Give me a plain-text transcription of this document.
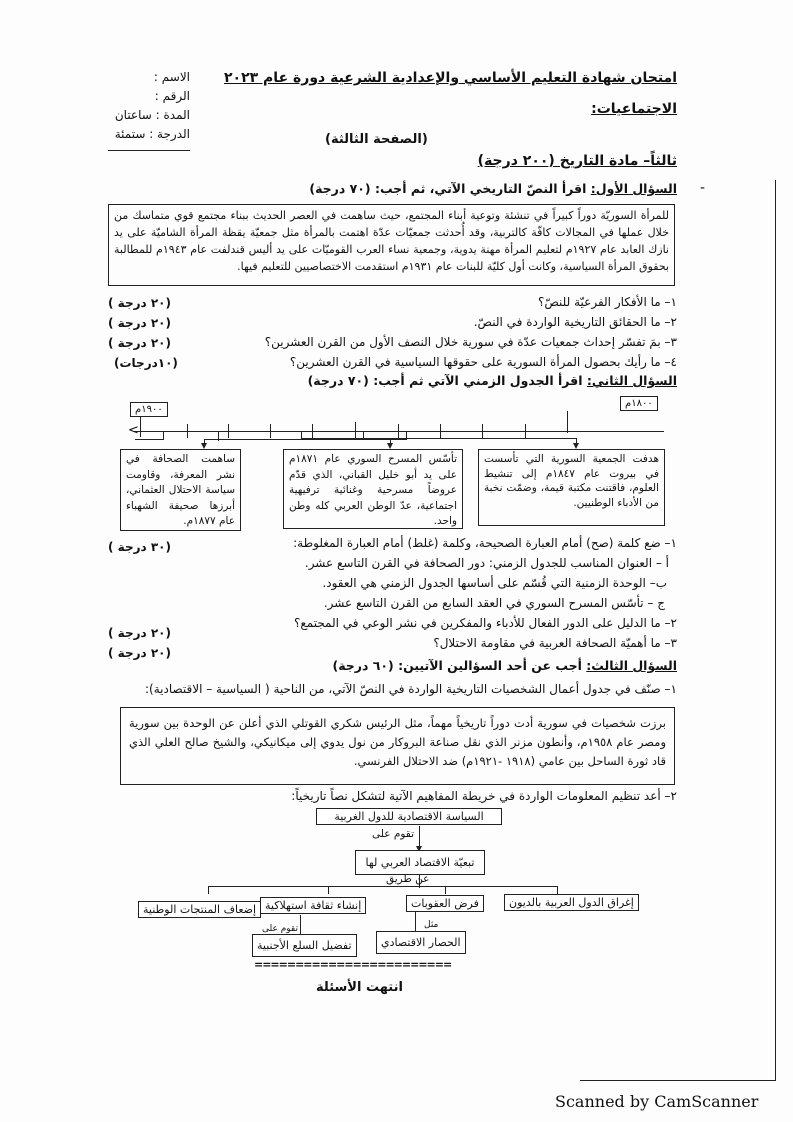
امتحان شهادة التعليم الأساسي والإعدادية الشرعية دورة عام ٢٠٢٣
الاسم :
الرقم :
المدة : ساعتان
الدرجة : ستمئة
الاجتماعيات:
(الصفحة الثالثة)
ثالثاً– مادة التاريخ (٢٠٠ درجة)
السؤال الأول: اقرأ النصّ التاريخي الآتي، ثم أجب: (٧٠ درجة)
للمرأة السوريّة دوراً كبيراً في تنشئة وتوعية أبناء المجتمع، حيث ساهمت في العصر الحديث ببناء مجتمع قوي متماسك من خلال عملها في المجالات كافّة كالتربية، وقد أُحدثت جمعيّات عدّة اهتمت بالمرأة مثل جمعيّة يقظة المرأة الشاميّة على يد نازك العابد عام ١٩٢٧م لتعليم المرأة مهنة يدوية، وجمعية نساء العرب القوميّات على يد أليس قندلفت عام ١٩٤٣م للمطالبة بحقوق المرأة السياسية، وكانت أول كليّة للبنات عام ١٩٣١م استقدمت الاختصاصيين للتعليم فيها.
١– ما الأفكار الفرعيّة للنصّ؟
٢– ما الحقائق التاريخية الواردة في النصّ.
٣– بمَ تفسّر إحداث جمعيات عدّة في سورية خلال النصف الأول من القرن العشرين؟
٤– ما رأيك بحصول المرأة السورية على حقوقها السياسية في القرن العشرين؟
(٢٠ درجة )
(٢٠ درجة )
(٢٠ درجة )
(١٠درجات)
السؤال الثاني: اقرأ الجدول الزمني الآتي ثم أجب: (٧٠ درجة)
<
١٩٠٠م
١٨٠٠م
ساهمت الصحافة في نشر المعرفة، وقاومت سياسة الاحتلال العثماني، أبرزها صحيفة الشهباء عام ١٨٧٧م.
تأسّس المسرح السوري عام ١٨٧١م على يد أبو خليل القباني، الذي قدّم عروضاً مسرحية وغنائية ترفيهية اجتماعية، عدّ الوطن العربي كله وطن واحد.
هدفت الجمعية السورية التي تأسست في بيروت عام ١٨٤٧م إلى تنشيط العلوم، فاقتنت مكتبة قيمة، وضمّت نخبة من الأدباء الوطنيين.
١– ضع كلمة (صح) أمام العبارة الصحيحة، وكلمة (غلط) أمام العبارة المغلوطة:
أ – العنوان المناسب للجدول الزمني: دور الصحافة في القرن التاسع عشر.
ب– الوحدة الزمنية التي قُسّم على أساسها الجدول الزمني هي العقود.
ج – تأسّس المسرح السوري في العقد السابع من القرن التاسع عشر.
٢– ما الدليل على الدور الفعال للأدباء والمفكرين في نشر الوعي في المجتمع؟
٣– ما أهميّة الصحافة العربية في مقاومة الاحتلال؟
(٣٠ درجة )
(٢٠ درجة )
(٢٠ درجة )
السؤال الثالث: أجب عن أحد السؤالين الآتيين: (٦٠ درجة)
١– صنّف في جدول أعمال الشخصيات التاريخية الواردة في النصّ الآتي، من الناحية ( السياسية – الاقتصادية):
برزت شخصيات في سورية أدت دوراً تاريخياً مهماً، مثل الرئيس شكري القوتلي الذي أعلن عن الوحدة بين سورية ومصر عام ١٩٥٨م، وأنطون مزنر الذي نقل صناعة البروكار من نول يدوي إلى ميكانيكي، والشيخ صالح العلي الذي قاد ثورة الساحل بين عامي (١٩١٨ -١٩٢١م) ضد الاحتلال الفرنسي.
٢– أعد تنظيم المعلومات الواردة في خريطة المفاهيم الآتية لتشكل نصاً تاريخياً:
السياسة الاقتصادية للدول الغربية
تقوم على
تبعيّة الاقتصاد العربي لها
عن طريق
إغراق الدول العربية بالديون
فرض العقوبات
إنشاء ثقافة استهلاكية
إضعاف المنتجات الوطنية
مثل
الحصار الاقتصادي
تقوم على
تفضيل السلع الأجنبية
========================
انتهت الأسئلة
-
Scanned by CamScanner
